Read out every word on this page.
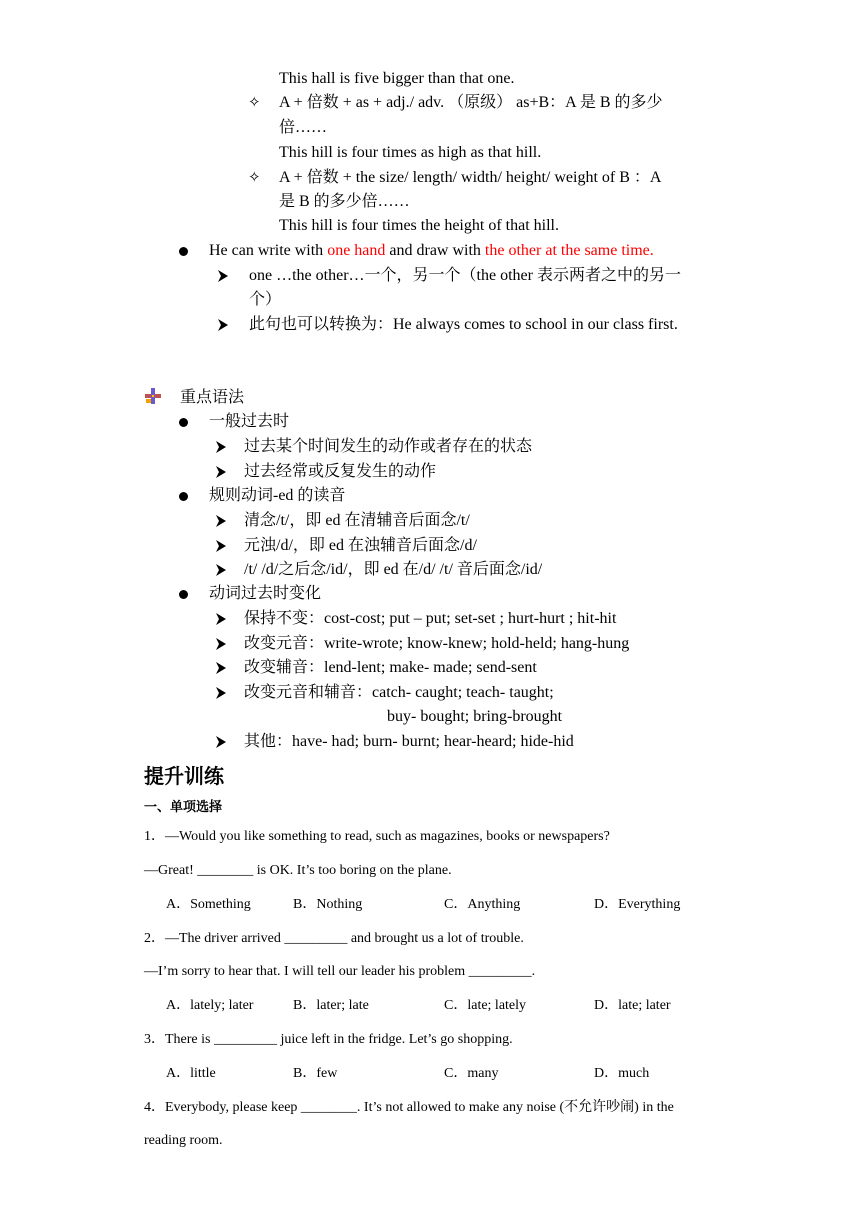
This hall is five bigger than that one.
✧ A + 倍数 + as + adj./ adv. （原级） as+B：A 是 B 的多少
倍……
This hill is four times as high as that hill.
✧ A + 倍数 + the size/ length/ width/ height/ weight of B ：A
是 B 的多少倍……
This hill is four times the height of that hill.
He can write with one hand and draw with the other at the same time.
one …the other…一个，另一个（the other 表示两者之中的另一
个）
此句也可以转换为：He always comes to school in our class first.
重点语法
一般过去时
过去某个时间发生的动作或者存在的状态
过去经常或反复发生的动作
规则动词-ed 的读音
清念/t/，即 ed 在清辅音后面念/t/
元浊/d/，即 ed 在浊辅音后面念/d/
/t/ /d/之后念/id/，即 ed 在/d/ /t/ 音后面念/id/
动词过去时变化
保持不变：cost-cost; put – put; set-set ; hurt-hurt ; hit-hit
改变元音：write-wrote; know-knew; hold-held; hang-hung
改变辅音：lend-lent; make- made; send-sent
改变元音和辅音：catch- caught; teach- taught;
buy- bought; bring-brought
其他：have- had; burn- burnt; hear-heard; hide-hid
提升训练
一、单项选择
1．—Would you like something to read, such as magazines, books or newspapers?
—Great! ________ is OK. It’s too boring on the plane.
A．Something	B．Nothing	C．Anything	D．Everything
2．—The driver arrived _________ and brought us a lot of trouble.
—I’m sorry to hear that. I will tell our leader his problem _________.
A．lately; later	B．later; late	C．late; lately	D．late; later
3．There is _________ juice left in the fridge. Let’s go shopping.
A．little	B．few	C．many	D．much
4．Everybody, please keep ________. It’s not allowed to make any noise (不允许吵闹) in the
reading room.
